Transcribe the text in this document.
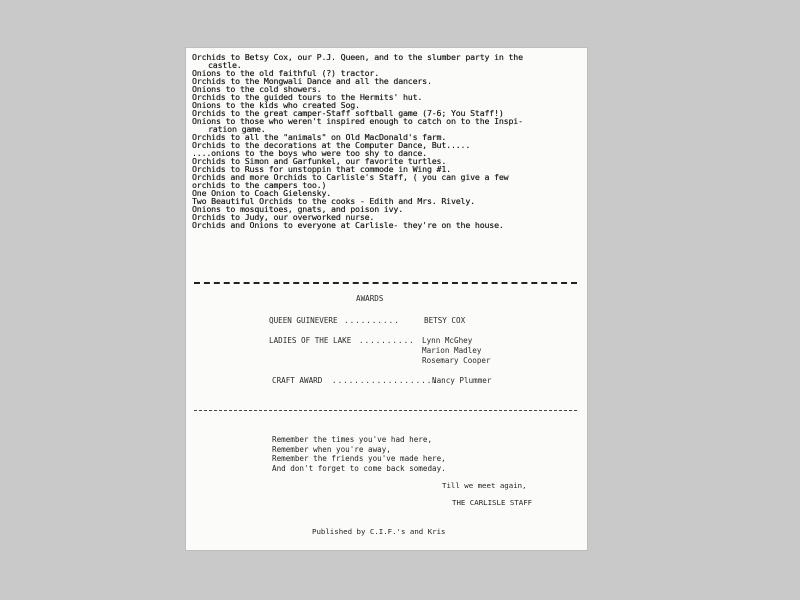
Orchids to Betsy Cox, our P.J. Queen, and to the slumber party in the
castle.
Onions to the old faithful (?) tractor.
Orchids to the Mongwali Dance and all the dancers.
Onions to the cold showers.
Orchids to the guided tours to the Hermits' hut.
Onions to the kids who created Sog.
Orchids to the great camper-Staff softball game (7-6; You Staff!)
Onions to those who weren't inspired enough to catch on to the Inspi-
ration game.
Orchids to all the "animals" on Old MacDonald's farm.
Orchids to the decorations at the Computer Dance, But.....
....onions to the boys who were too shy to dance.
Orchids to Simon and Garfunkel, our favorite turtles.
Orchids to Russ for unstoppin that commode in Wing #1.
Orchids and more Orchids to Carlisle's Staff, ( you can give a few
orchids to the campers too.)
One Onion to Coach Gielensky.
Two Beautiful Orchids to the cooks - Edith and Mrs. Rively.
Onions to mosquitoes, gnats, and poison ivy.
Orchids to Judy, our overworked nurse.
Orchids and Onions to everyone at Carlisle- they're on the house.
AWARDS
QUEEN GUINEVERE ..........	BETSY COX
LADIES OF THE LAKE .......... Lynn McGhey
Marion Madley
Rosemary Cooper
CRAFT AWARD ...................
Nancy Plummer
Remember the times you've had here,
Remember when you're away,
Remember the friends you've made here,
And don't forget to come back someday.
Till we meet again,
THE CARLISLE STAFF
Published by C.I.F.'s and Kris
